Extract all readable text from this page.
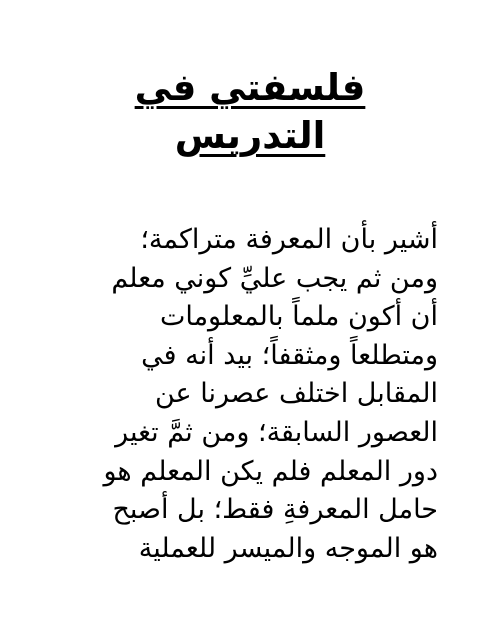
فلسفتي في
التدريس
أشير بأن المعرفة متراكمة؛
ومن ثم يجب عليِّ كوني معلم
أن أكون ملماً بالمعلومات
ومتطلعاً ومثقفاً؛ بيد أنه في
المقابل اختلف عصرنا عن
العصور السابقة؛ ومن ثمَّ تغير
دور المعلم فلم يكن المعلم هو
حامل المعرفةِ فقط؛ بل أصبح
هو الموجه والميسر للعملية
